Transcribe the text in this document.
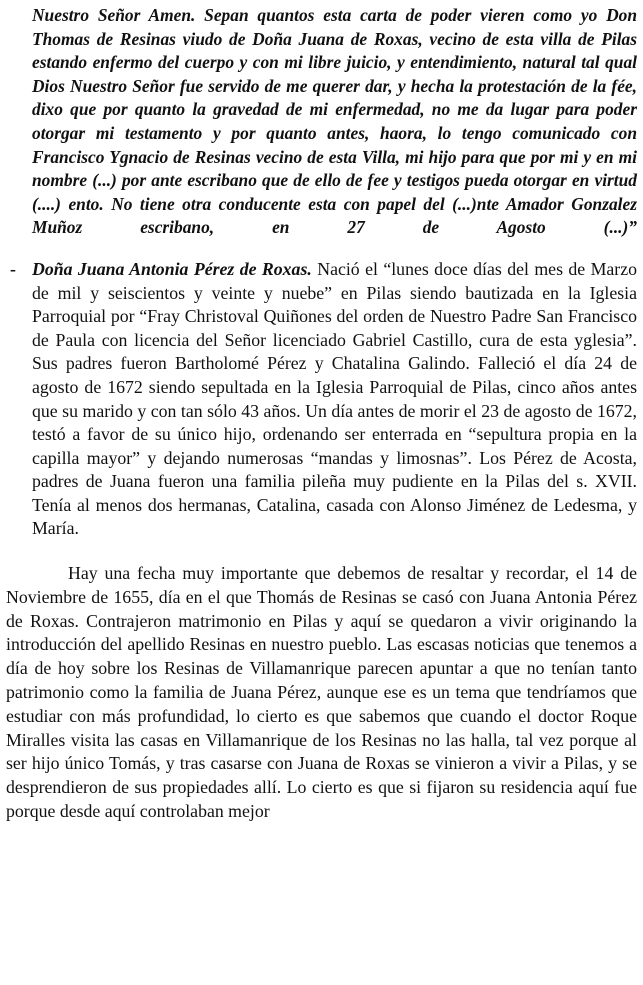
Nuestro Señor Amen. Sepan quantos esta carta de poder vieren como yo Don Thomas de Resinas viudo de Doña Juana de Roxas, vecino de esta villa de Pilas estando enfermo del cuerpo y con mi libre juicio, y entendimiento, natural tal qual Dios Nuestro Señor fue servido de me querer dar, y hecha la protestación de la fée, dixo que por quanto la gravedad de mi enfermedad, no me da lugar para poder otorgar mi testamento y por quanto antes, haora, lo tengo comunicado con Francisco Ygnacio de Resinas vecino de esta Villa, mi hijo para que por mi y en mi nombre (...) por ante escribano que de ello de fee y testigos pueda otorgar en virtud (....) ento. No tiene otra conducente esta con papel del (...)nte Amador Gonzalez Muñoz escribano, en 27 de Agosto (...)”

- Doña Juana Antonia Pérez de Roxas. Nació el “lunes doce días del mes de Marzo de mil y seiscientos y veinte y nuebe” en Pilas siendo bautizada en la Iglesia Parroquial por “Fray Christoval Quiñones del orden de Nuestro Padre San Francisco de Paula con licencia del Señor licenciado Gabriel Castillo, cura de esta yglesia”. Sus padres fueron Bartholomé Pérez y Chatalina Galindo. Falleció el día 24 de agosto de 1672 siendo sepultada en la Iglesia Parroquial de Pilas, cinco años antes que su marido y con tan sólo 43 años. Un día antes de morir el 23 de agosto de 1672, testó a favor de su único hijo, ordenando ser enterrada en “sepultura propia en la capilla mayor” y dejando numerosas “mandas y limosnas”. Los Pérez de Acosta, padres de Juana fueron una familia pileña muy pudiente en la Pilas del s. XVII. Tenía al menos dos hermanas, Catalina, casada con Alonso Jiménez de Ledesma, y María.

Hay una fecha muy importante que debemos de resaltar y recordar, el 14 de Noviembre de 1655, día en el que Thomás de Resinas se casó con Juana Antonia Pérez de Roxas. Contrajeron matrimonio en Pilas y aquí se quedaron a vivir originando la introducción del apellido Resinas en nuestro pueblo. Las escasas noticias que tenemos a día de hoy sobre los Resinas de Villamanrique parecen apuntar a que no tenían tanto patrimonio como la familia de Juana Pérez, aunque ese es un tema que tendríamos que estudiar con más profundidad, lo cierto es que sabemos que cuando el doctor Roque Miralles visita las casas en Villamanrique de los Resinas no las halla, tal vez porque al ser hijo único Tomás, y tras casarse con Juana de Roxas se vinieron a vivir a Pilas, y se desprendieron de sus propiedades allí. Lo cierto es que si fijaron su residencia aquí fue porque desde aquí controlaban mejor
